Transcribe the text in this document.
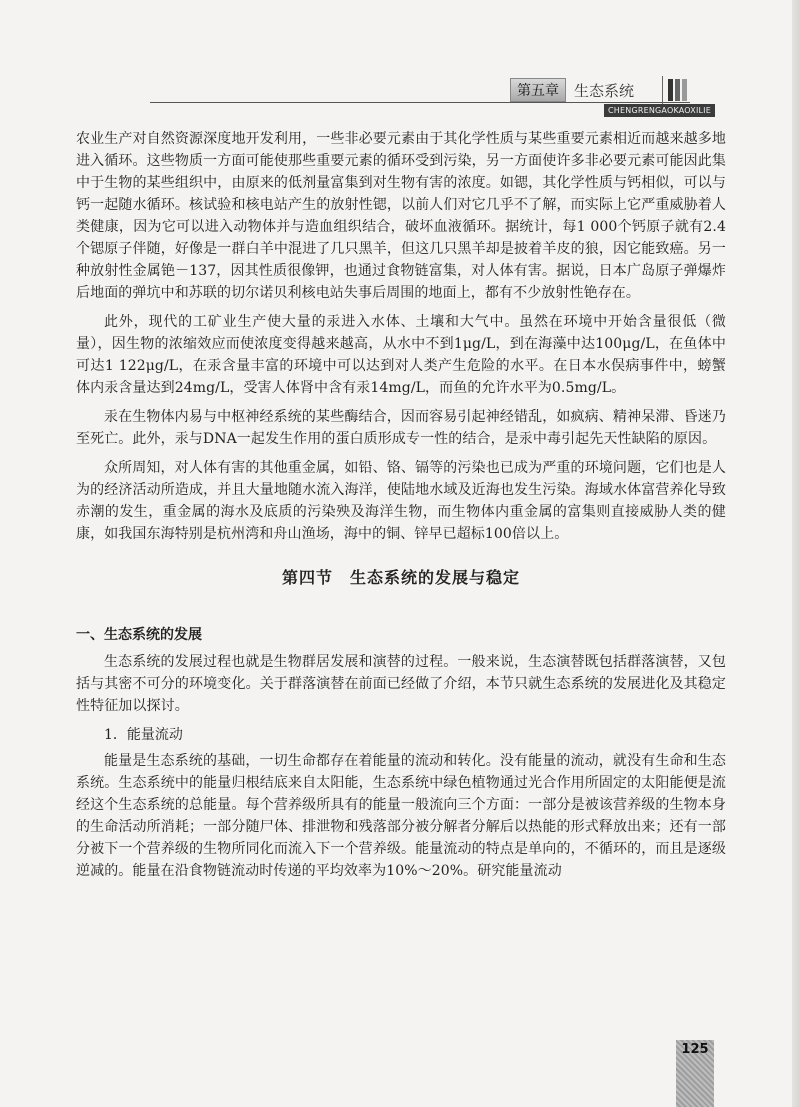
第五章	生态系统
CHENGRENGAOKAOXILIE

农业生产对自然资源深度地开发利用，一些非必要元素由于其化学性质与某些重要元素相近而越来越多地进入循环。这些物质一方面可能使那些重要元素的循环受到污染，另一方面使许多非必要元素可能因此集中于生物的某些组织中，由原来的低剂量富集到对生物有害的浓度。如锶，其化学性质与钙相似，可以与钙一起随水循环。核试验和核电站产生的放射性锶，以前人们对它几乎不了解，而实际上它严重威胁着人类健康，因为它可以进入动物体并与造血组织结合，破坏血液循环。据统计，每1 000个钙原子就有2.4个锶原子伴随，好像是一群白羊中混进了几只黑羊，但这几只黑羊却是披着羊皮的狼，因它能致癌。另一种放射性金属铯－137，因其性质很像钾，也通过食物链富集，对人体有害。据说，日本广岛原子弹爆炸后地面的弹坑中和苏联的切尔诺贝利核电站失事后周围的地面上，都有不少放射性铯存在。

此外，现代的工矿业生产使大量的汞进入水体、土壤和大气中。虽然在环境中开始含量很低（微量），因生物的浓缩效应而使浓度变得越来越高，从水中不到1μg/L，到在海藻中达100μg/L，在鱼体中可达1 122μg/L，在汞含量丰富的环境中可以达到对人类产生危险的水平。在日本水俣病事件中，螃蟹体内汞含量达到24mg/L，受害人体肾中含有汞14mg/L，而鱼的允许水平为0.5mg/L。

汞在生物体内易与中枢神经系统的某些酶结合，因而容易引起神经错乱，如疯病、精神呆滞、昏迷乃至死亡。此外，汞与DNA一起发生作用的蛋白质形成专一性的结合，是汞中毒引起先天性缺陷的原因。

众所周知，对人体有害的其他重金属，如铅、铬、镉等的污染也已成为严重的环境问题，它们也是人为的经济活动所造成，并且大量地随水流入海洋，使陆地水域及近海也发生污染。海域水体富营养化导致赤潮的发生，重金属的海水及底质的污染殃及海洋生物，而生物体内重金属的富集则直接威胁人类的健康，如我国东海特别是杭州湾和舟山渔场，海中的铜、锌早已超标100倍以上。

第四节　生态系统的发展与稳定
一、生态系统的发展

生态系统的发展过程也就是生物群居发展和演替的过程。一般来说，生态演替既包括群落演替，又包括与其密不可分的环境变化。关于群落演替在前面已经做了介绍，本节只就生态系统的发展进化及其稳定性特征加以探讨。

1．能量流动

能量是生态系统的基础，一切生命都存在着能量的流动和转化。没有能量的流动，就没有生命和生态系统。生态系统中的能量归根结底来自太阳能，生态系统中绿色植物通过光合作用所固定的太阳能便是流经这个生态系统的总能量。每个营养级所具有的能量一般流向三个方面：一部分是被该营养级的生物本身的生命活动所消耗；一部分随尸体、排泄物和残落部分被分解者分解后以热能的形式释放出来；还有一部分被下一个营养级的生物所同化而流入下一个营养级。能量流动的特点是单向的，不循环的，而且是逐级逆减的。能量在沿食物链流动时传递的平均效率为10%～20%。研究能量流动

125
